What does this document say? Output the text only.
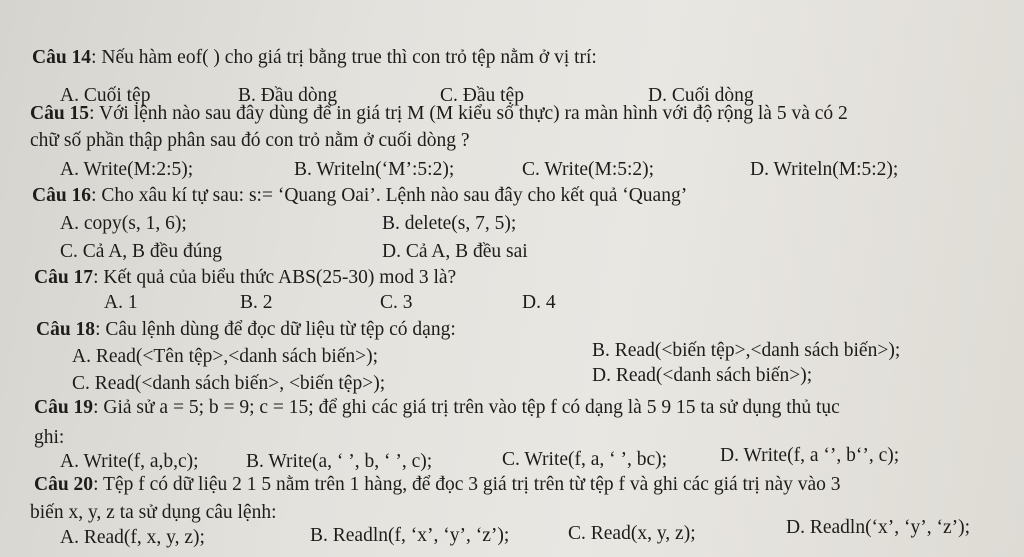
Câu 14: Nếu hàm eof( ) cho giá trị bằng true thì con trỏ tệp nằm ở vị trí:
A. Cuối tệp	B. Đầu dòng	C. Đầu tệp	D. Cuối dòng
Câu 15: Với lệnh nào sau đây dùng để in giá trị M (M kiểu số thực) ra màn hình với độ rộng là 5 và có 2
chữ số phần thập phân sau đó con trỏ nằm ở cuối dòng ?
A. Write(M:2:5);	B. Writeln(‘M’:5:2);	C. Write(M:5:2);	D. Writeln(M:5:2);
Câu 16: Cho xâu kí tự sau: s:= ‘Quang Oai’. Lệnh nào sau đây cho kết quả ‘Quang’
A. copy(s, 1, 6);	B. delete(s, 7, 5);
C. Cả A, B đều đúng	D. Cả A, B đều sai
Câu 17: Kết quả của biểu thức ABS(25-30) mod 3 là?
A. 1	B. 2	C. 3	D. 4
Câu 18: Câu lệnh dùng để đọc dữ liệu từ tệp có dạng:
A. Read(<Tên tệp>,<danh sách biến>);	B. Read(<biến tệp>,<danh sách biến>);
C. Read(<danh sách biến>, <biến tệp>);	D. Read(<danh sách biến>);
Câu 19: Giả sử a = 5; b = 9; c = 15; để ghi các giá trị trên vào tệp f có dạng là 5 9 15 ta sử dụng thủ tục
ghi:
A. Write(f, a,b,c); B. Write(a, ‘ ’, b, ‘ ’, c);	C. Write(f, a, ‘ ’, bc);	D. Write(f, a ‘’, b‘’, c);
Câu 20: Tệp f có dữ liệu 2 1 5 nằm trên 1 hàng, để đọc 3 giá trị trên từ tệp f và ghi các giá trị này vào 3
biến x, y, z ta sử dụng câu lệnh:
A. Read(f, x, y, z);	B. Readln(f, ‘x’, ‘y’, ‘z’);	C. Read(x, y, z);	D. Readln(‘x’, ‘y’, ‘z’);
